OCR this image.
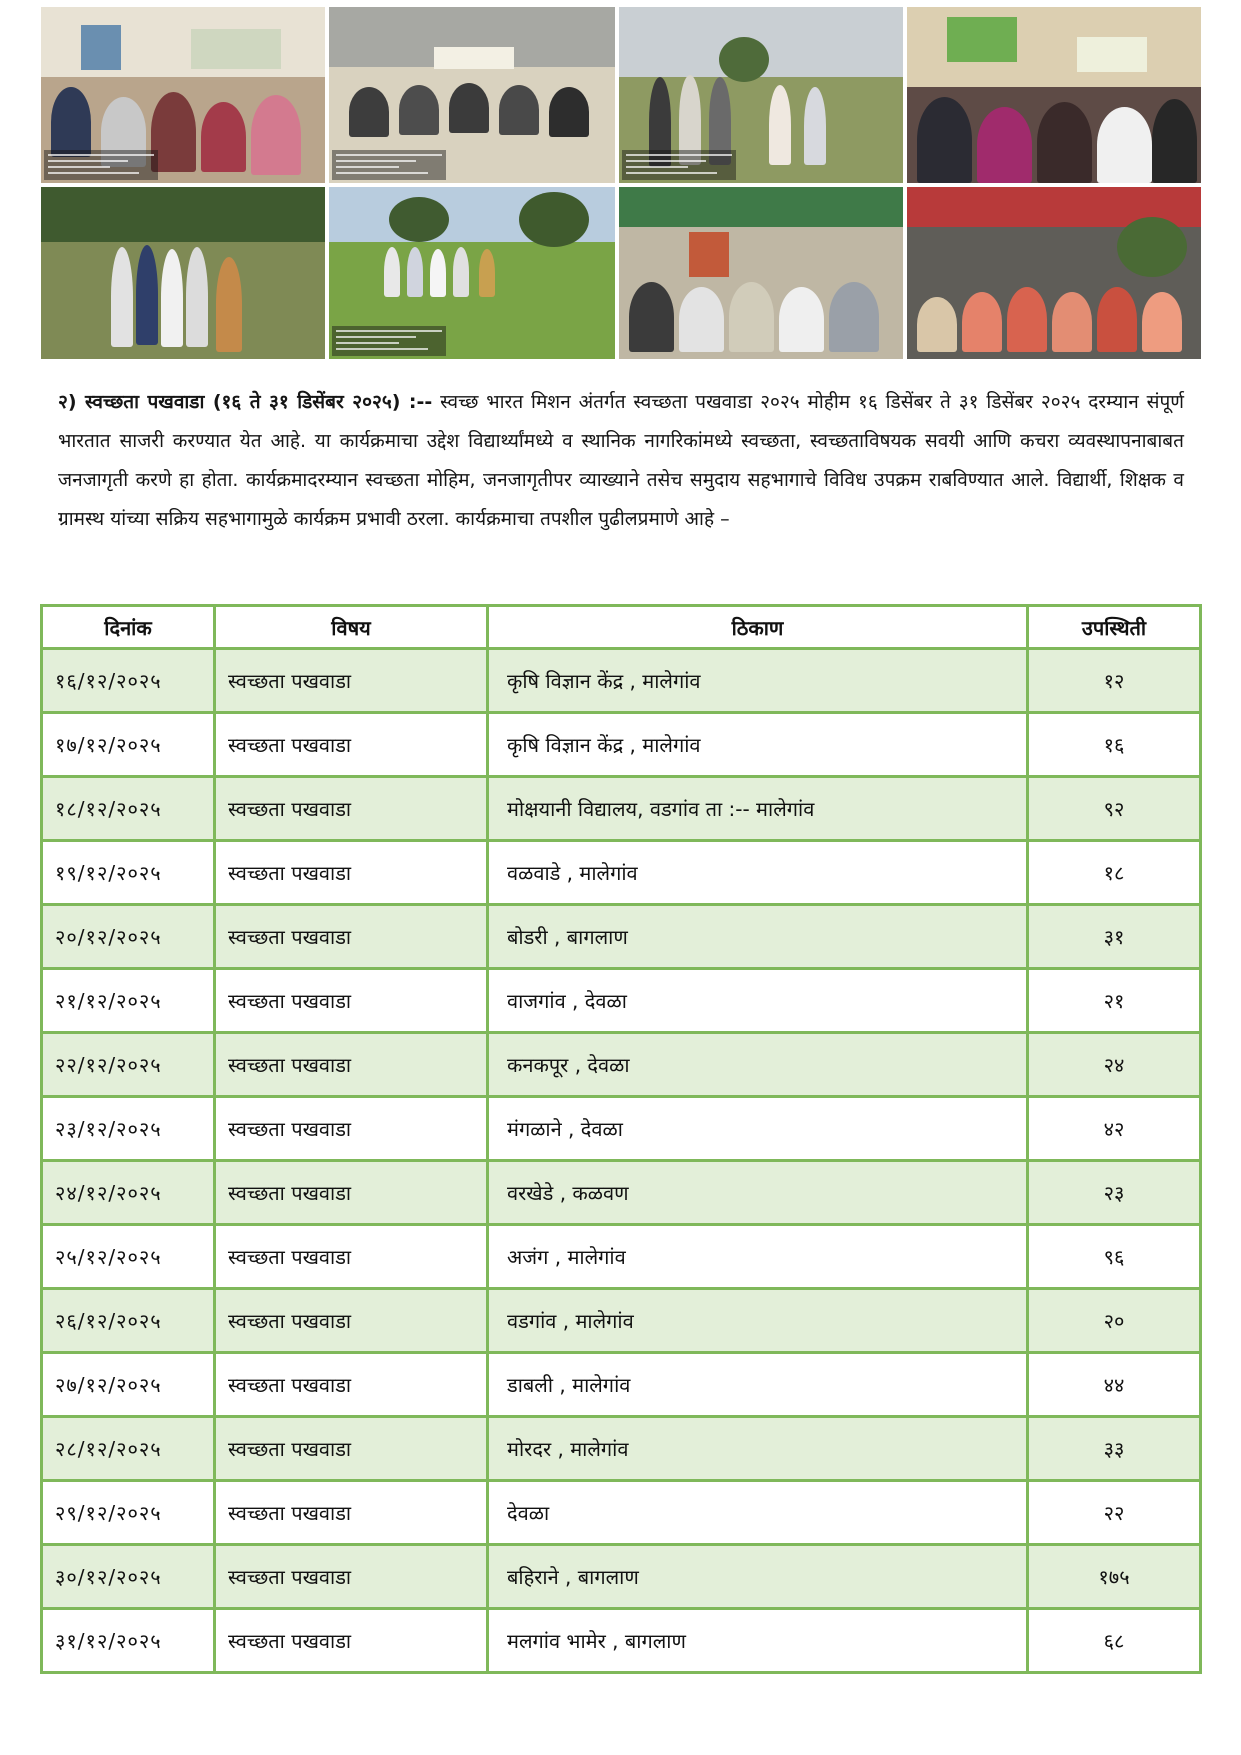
२) स्वच्छता पखवाडा (१६ ते ३१ डिसेंबर २०२५) :-- स्वच्छ भारत मिशन अंतर्गत स्वच्छता पखवाडा २०२५ मोहीम १६ डिसेंबर ते ३१ डिसेंबर २०२५ दरम्यान संपूर्ण भारतात साजरी करण्यात येत आहे. या कार्यक्रमाचा उद्देश विद्यार्थ्यांमध्ये व स्थानिक नागरिकांमध्ये स्वच्छता, स्वच्छताविषयक सवयी आणि कचरा व्यवस्थापनाबाबत जनजागृती करणे हा होता. कार्यक्रमादरम्यान स्वच्छता मोहिम, जनजागृतीपर व्याख्याने तसेच समुदाय सहभागाचे विविध उपक्रम राबविण्यात आले. विद्यार्थी, शिक्षक व ग्रामस्थ यांच्या सक्रिय सहभागामुळे कार्यक्रम प्रभावी ठरला. कार्यक्रमाचा तपशील पुढीलप्रमाणे आहे –

दिनांक	विषय	ठिकाण	उपस्थिती
१६/१२/२०२५	स्वच्छता पखवाडा	कृषि विज्ञान केंद्र , मालेगांव	१२
१७/१२/२०२५	स्वच्छता पखवाडा	कृषि विज्ञान केंद्र , मालेगांव	१६
१८/१२/२०२५	स्वच्छता पखवाडा	मोक्षयानी विद्यालय, वडगांव ता :-- मालेगांव	९२
१९/१२/२०२५	स्वच्छता पखवाडा	वळवाडे , मालेगांव	१८
२०/१२/२०२५	स्वच्छता पखवाडा	बोडरी , बागलाण	३१
२१/१२/२०२५	स्वच्छता पखवाडा	वाजगांव , देवळा	२१
२२/१२/२०२५	स्वच्छता पखवाडा	कनकपूर , देवळा	२४
२३/१२/२०२५	स्वच्छता पखवाडा	मंगळाने , देवळा	४२
२४/१२/२०२५	स्वच्छता पखवाडा	वरखेडे , कळवण	२३
२५/१२/२०२५	स्वच्छता पखवाडा	अजंग , मालेगांव	९६
२६/१२/२०२५	स्वच्छता पखवाडा	वडगांव , मालेगांव	२०
२७/१२/२०२५	स्वच्छता पखवाडा	डाबली , मालेगांव	४४
२८/१२/२०२५	स्वच्छता पखवाडा	मोरदर , मालेगांव	३३
२९/१२/२०२५	स्वच्छता पखवाडा	देवळा	२२
३०/१२/२०२५	स्वच्छता पखवाडा	बहिराने , बागलाण	१७५
३१/१२/२०२५	स्वच्छता पखवाडा	मलगांव भामेर , बागलाण	६८
